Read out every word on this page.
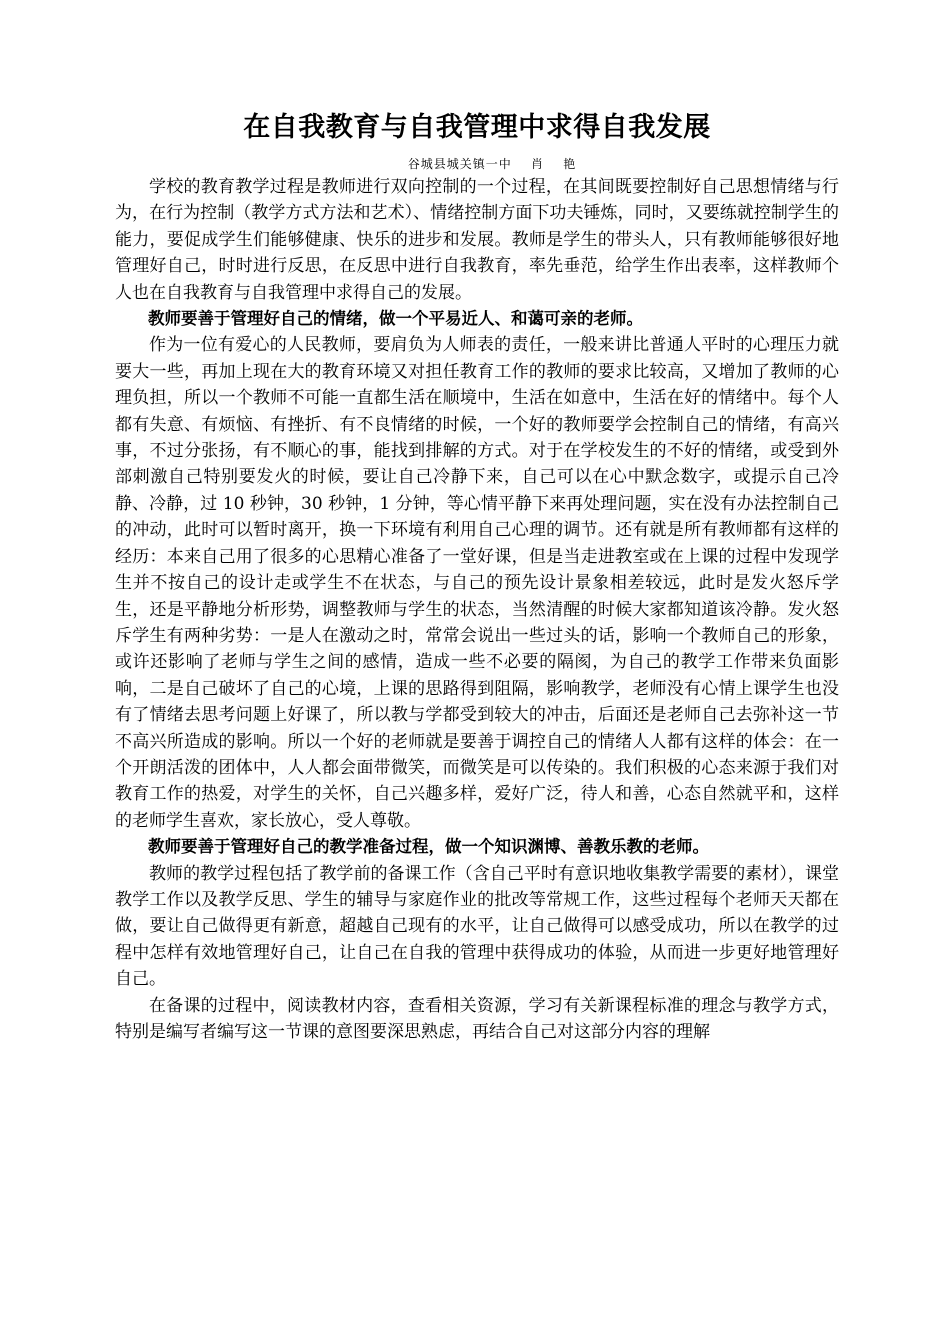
在自我教育与自我管理中求得自我发展
谷城县城关镇一中    肖    艳

学校的教育教学过程是教师进行双向控制的一个过程，在其间既要控制好自己思想情绪与行为，在行为控制（教学方式方法和艺术）、情绪控制方面下功夫锤炼，同时，又要练就控制学生的能力，要促成学生们能够健康、快乐的进步和发展。教师是学生的带头人，只有教师能够很好地管理好自己，时时进行反思，在反思中进行自我教育，率先垂范，给学生作出表率，这样教师个人也在自我教育与自我管理中求得自己的发展。

教师要善于管理好自己的情绪，做一个平易近人、和蔼可亲的老师。

作为一位有爱心的人民教师，要肩负为人师表的责任，一般来讲比普通人平时的心理压力就要大一些，再加上现在大的教育环境又对担任教育工作的教师的要求比较高，又增加了教师的心理负担，所以一个教师不可能一直都生活在顺境中，生活在如意中，生活在好的情绪中。每个人都有失意、有烦恼、有挫折、有不良情绪的时候，一个好的教师要学会控制自己的情绪，有高兴事，不过分张扬，有不顺心的事，能找到排解的方式。对于在学校发生的不好的情绪，或受到外部刺激自己特别要发火的时候，要让自己冷静下来，自己可以在心中默念数字，或提示自己冷静、冷静，过 10 秒钟，30 秒钟，1 分钟，等心情平静下来再处理问题，实在没有办法控制自己的冲动，此时可以暂时离开，换一下环境有利用自己心理的调节。还有就是所有教师都有这样的经历：本来自己用了很多的心思精心准备了一堂好课，但是当走进教室或在上课的过程中发现学生并不按自己的设计走或学生不在状态，与自己的预先设计景象相差较远，此时是发火怒斥学生，还是平静地分析形势，调整教师与学生的状态，当然清醒的时候大家都知道该冷静。发火怒斥学生有两种劣势：一是人在激动之时，常常会说出一些过头的话，影响一个教师自己的形象，或许还影响了老师与学生之间的感情，造成一些不必要的隔阂，为自己的教学工作带来负面影响，二是自己破坏了自己的心境，上课的思路得到阻隔，影响教学，老师没有心情上课学生也没有了情绪去思考问题上好课了，所以教与学都受到较大的冲击，后面还是老师自己去弥补这一节不高兴所造成的影响。所以一个好的老师就是要善于调控自己的情绪人人都有这样的体会：在一个开朗活泼的团体中，人人都会面带微笑，而微笑是可以传染的。我们积极的心态来源于我们对教育工作的热爱，对学生的关怀，自己兴趣多样，爱好广泛，待人和善，心态自然就平和，这样的老师学生喜欢，家长放心，受人尊敬。

教师要善于管理好自己的教学准备过程，做一个知识渊博、善教乐教的老师。

教师的教学过程包括了教学前的备课工作（含自己平时有意识地收集教学需要的素材），课堂教学工作以及教学反思、学生的辅导与家庭作业的批改等常规工作，这些过程每个老师天天都在做，要让自己做得更有新意，超越自己现有的水平，让自己做得可以感受成功，所以在教学的过程中怎样有效地管理好自己，让自己在自我的管理中获得成功的体验，从而进一步更好地管理好自己。

在备课的过程中，阅读教材内容，查看相关资源，学习有关新课程标准的理念与教学方式，特别是编写者编写这一节课的意图要深思熟虑，再结合自己对这部分内容的理解
